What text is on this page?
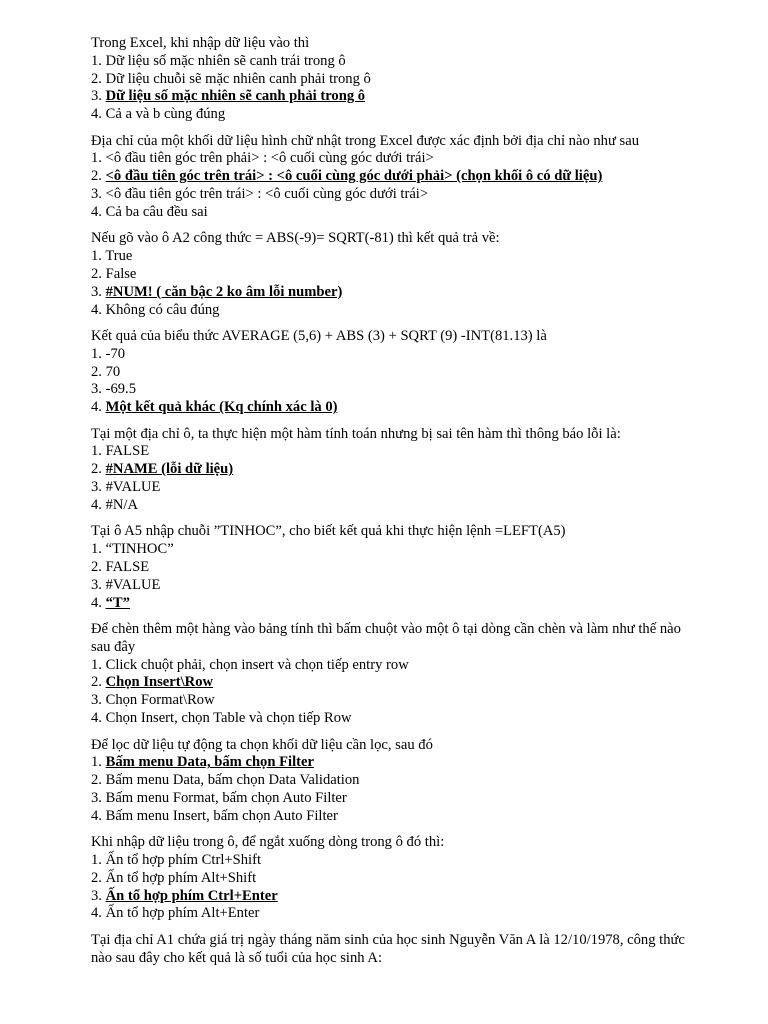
Trong Excel, khi nhập dữ liệu vào thì
1. Dữ liệu số mặc nhiên sẽ canh trái trong ô
2. Dữ liệu chuỗi sẽ mặc nhiên canh phải trong ô
3. Dữ liệu số mặc nhiên sẽ canh phải trong ô
4. Cả a và b cùng đúng
Địa chỉ của một khối dữ liệu hình chữ nhật trong Excel được xác định bởi địa chỉ nào như sau
1. <ô đầu tiên góc trên phải> : <ô cuối cùng góc dưới trái>
2. <ô đầu tiên góc trên trái> : <ô cuối cùng góc dưới phải> (chọn khối ô có dữ liệu)
3. <ô đầu tiên góc trên trái> : <ô cuối cùng góc dưới trái>
4. Cả ba câu đều sai
Nếu gõ vào ô A2 công thức = ABS(-9)= SQRT(-81) thì kết quả trả về:
1. True
2. False
3. #NUM! ( căn bậc 2 ko âm lỗi number)
4. Không có câu đúng
Kết quả của biểu thức AVERAGE (5,6) + ABS (3) + SQRT (9) -INT(81.13) là
1. -70
2. 70
3. -69.5
4. Một kết quả khác (Kq chính xác là 0)
Tại một địa chỉ ô, ta thực hiện một hàm tính toán nhưng bị sai tên hàm thì thông báo lỗi là:
1. FALSE
2. #NAME (lỗi dữ liệu)
3. #VALUE
4. #N/A
Tại ô A5 nhập chuỗi ”TINHOC”, cho biết kết quả khi thực hiện lệnh =LEFT(A5)
1. “TINHOC”
2. FALSE
3. #VALUE
4. “T”
Để chèn thêm một hàng vào bảng tính thì bấm chuột vào một ô tại dòng cần chèn và làm như thế nào sau đây
1. Click chuột phải, chọn insert và chọn tiếp entry row
2. Chọn Insert\Row
3. Chọn Format\Row
4. Chọn Insert, chọn Table và chọn tiếp Row
Để lọc dữ liệu tự động ta chọn khối dữ liệu cần lọc, sau đó
1. Bấm menu Data, bấm chọn Filter
2. Bấm menu Data, bấm chọn Data Validation
3. Bấm menu Format, bấm chọn Auto Filter
4. Bấm menu Insert, bấm chọn Auto Filter
Khi nhập dữ liệu trong ô, để ngắt xuống dòng trong ô đó thì:
1. Ấn tổ hợp phím Ctrl+Shift
2. Ấn tổ hợp phím Alt+Shift
3. Ấn tổ hợp phím Ctrl+Enter
4. Ấn tổ hợp phím Alt+Enter
Tại địa chỉ A1 chứa giá trị ngày tháng năm sinh của học sinh Nguyễn Văn A là 12/10/1978, công thức nào sau đây cho kết quả là số tuổi của học sinh A:
